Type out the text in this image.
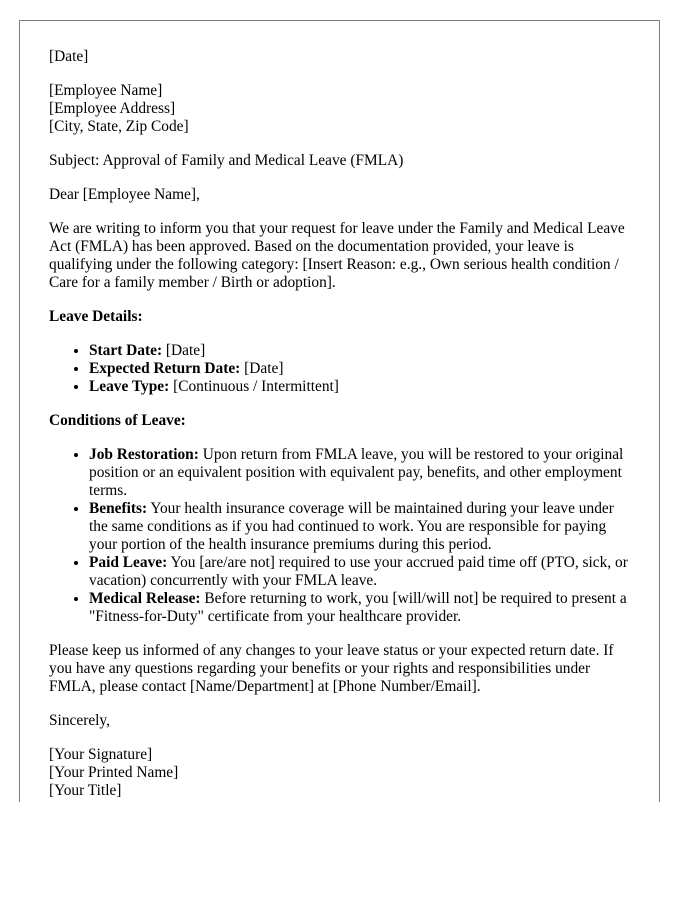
[Date]

[Employee Name]
[Employee Address]
[City, State, Zip Code]

Subject: Approval of Family and Medical Leave (FMLA)

Dear [Employee Name],

We are writing to inform you that your request for leave under the Family and Medical Leave Act (FMLA) has been approved. Based on the documentation provided, your leave is qualifying under the following category: [Insert Reason: e.g., Own serious health condition / Care for a family member / Birth or adoption].

Leave Details:
• Start Date: [Date]
• Expected Return Date: [Date]
• Leave Type: [Continuous / Intermittent]
Conditions of Leave:
• Job Restoration: Upon return from FMLA leave, you will be restored to your original position or an equivalent position with equivalent pay, benefits, and other employment terms.
• Benefits: Your health insurance coverage will be maintained during your leave under the same conditions as if you had continued to work. You are responsible for paying your portion of the health insurance premiums during this period.
• Paid Leave: You [are/are not] required to use your accrued paid time off (PTO, sick, or vacation) concurrently with your FMLA leave.
• Medical Release: Before returning to work, you [will/will not] be required to present a "Fitness-for-Duty" certificate from your healthcare provider.

Please keep us informed of any changes to your leave status or your expected return date. If you have any questions regarding your benefits or your rights and responsibilities under FMLA, please contact [Name/Department] at [Phone Number/Email].

Sincerely,

[Your Signature]
[Your Printed Name]
[Your Title]
